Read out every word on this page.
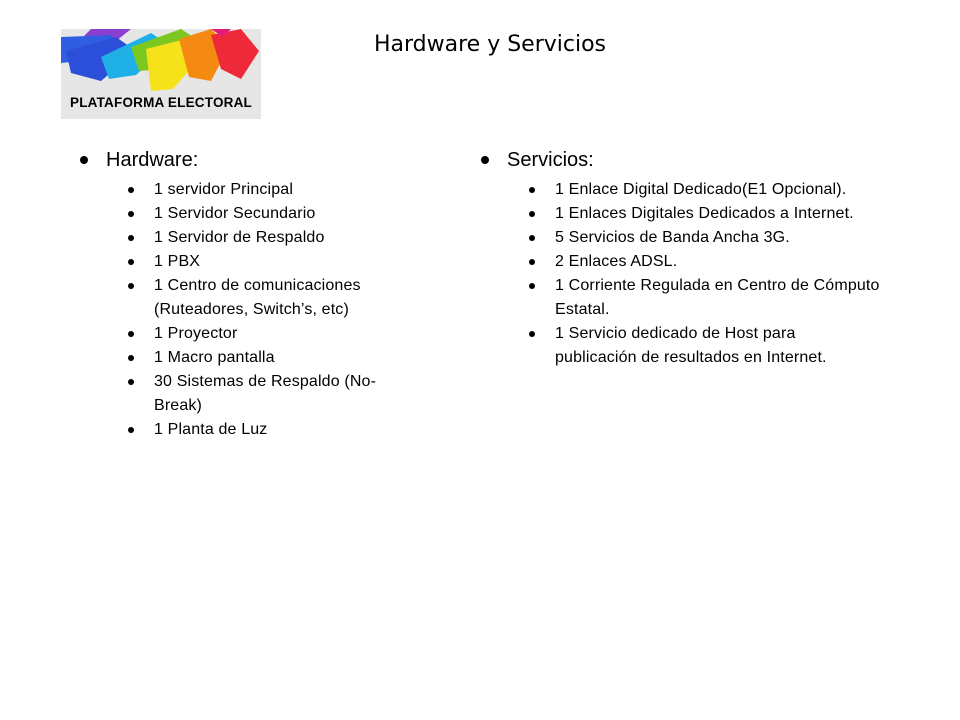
PLATAFORMA ELECTORAL
Hardware y Servicios
Hardware:
1 servidor Principal
1 Servidor Secundario
1 Servidor de Respaldo
1 PBX
1 Centro de comunicaciones (Ruteadores, Switch’s, etc)
1 Proyector
1 Macro pantalla
30 Sistemas de Respaldo (No-Break)
1 Planta de Luz
Servicios:
1 Enlace Digital Dedicado(E1 Opcional).
1 Enlaces Digitales Dedicados a Internet.
5 Servicios de Banda Ancha 3G.
2 Enlaces ADSL.
1 Corriente Regulada en Centro de Cómputo Estatal.
1 Servicio dedicado de Host para publicación de resultados en Internet.
